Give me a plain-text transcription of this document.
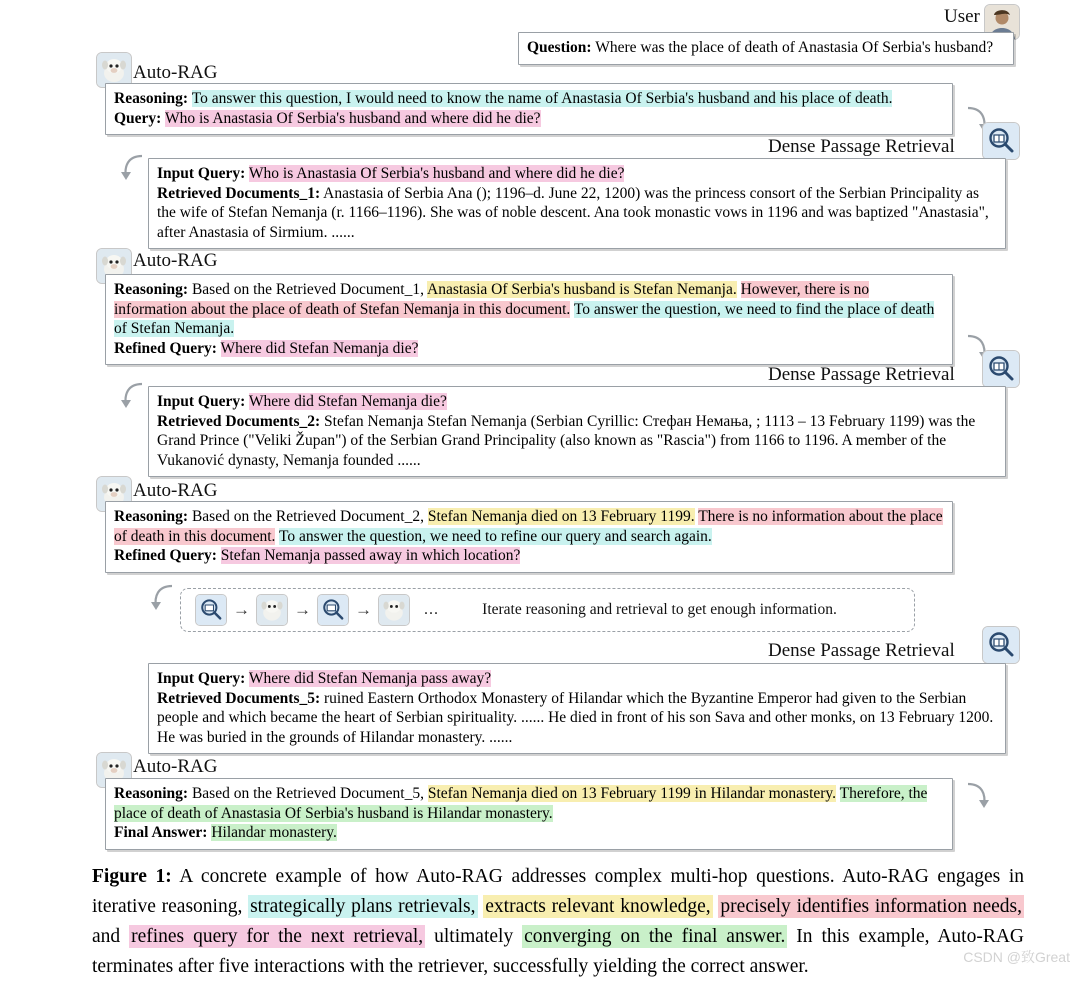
User
Question: Where was the place of death of Anastasia Of Serbia's husband?
Auto-RAG
Reasoning: To answer this question, I would need to know the name of Anastasia Of Serbia's husband and his place of death.
Query: Who is Anastasia Of Serbia's husband and where did he die?
Dense Passage Retrieval
Input Query: Who is Anastasia Of Serbia's husband and where did he die?
Retrieved Documents_1: Anastasia of Serbia Ana (); 1196–d. June 22, 1200) was the princess consort of the Serbian Principality as the wife of Stefan Nemanja (r. 1166–1196). She was of noble descent. Ana took monastic vows in 1196 and was baptized "Anastasia", after Anastasia of Sirmium. ......
Auto-RAG
Reasoning: Based on the Retrieved Document_1, Anastasia Of Serbia's husband is Stefan Nemanja. However, there is no information about the place of death of Stefan Nemanja in this document. To answer the question, we need to find the place of death of Stefan Nemanja.
Refined Query: Where did Stefan Nemanja die?
Dense Passage Retrieval
Input Query: Where did Stefan Nemanja die?
Retrieved Documents_2: Stefan Nemanja Stefan Nemanja (Serbian Cyrillic: Стефан Немања, ; 1113 – 13 February 1199) was the Grand Prince ("Veliki Župan") of the Serbian Grand Principality (also known as "Rascia") from 1166 to 1196. A member of the Vukanović dynasty, Nemanja founded ......
Auto-RAG
Reasoning: Based on the Retrieved Document_2, Stefan Nemanja died on 13 February 1199. There is no information about the place of death in this document. To answer the question, we need to refine our query and search again.
Refined Query: Stefan Nemanja passed away in which location?
→	→	→	...	Iterate reasoning and retrieval to get enough information.
Dense Passage Retrieval
Input Query: Where did Stefan Nemanja pass away?
Retrieved Documents_5: ruined Eastern Orthodox Monastery of Hilandar which the Byzantine Emperor had given to the Serbian people and which became the heart of Serbian spirituality. ...... He died in front of his son Sava and other monks, on 13 February 1200. He was buried in the grounds of Hilandar monastery. ......
Auto-RAG
Reasoning: Based on the Retrieved Document_5, Stefan Nemanja died on 13 February 1199 in Hilandar monastery. Therefore, the place of death of Anastasia Of Serbia's husband is Hilandar monastery.
Final Answer: Hilandar monastery.
Figure 1: A concrete example of how Auto-RAG addresses complex multi-hop questions. Auto-RAG engages in iterative reasoning, strategically plans retrievals, extracts relevant knowledge, precisely identifies information needs, and refines query for the next retrieval, ultimately converging on the final answer. In this example, Auto-RAG terminates after five interactions with the retriever, successfully yielding the correct answer.	CSDN @致Great
